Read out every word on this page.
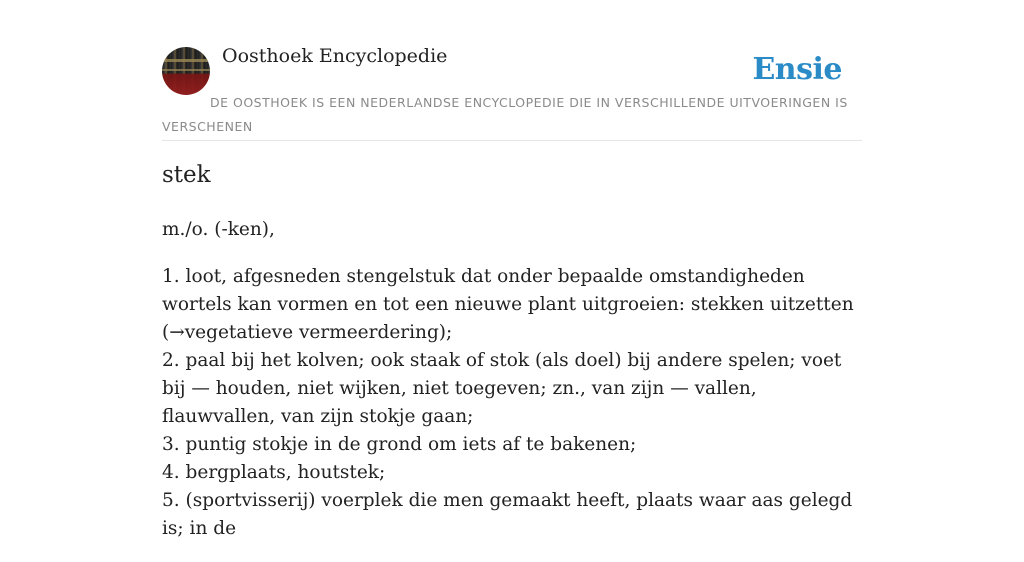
Oosthoek Encyclopedie	Ensie
DE OOSTHOEK IS EEN NEDERLANDSE ENCYCLOPEDIE DIE IN VERSCHILLENDE UITVOERINGEN IS VERSCHENEN
stek

m./o. (-ken),

1. loot, afgesneden stengelstuk dat onder bepaalde omstandigheden wortels kan vormen en tot een nieuwe plant uitgroeien: stekken uitzetten (→vegetatieve vermeerdering);
2. paal bij het kolven; ook staak of stok (als doel) bij andere spelen; voet bij — houden, niet wijken, niet toegeven; zn., van zijn — vallen, flauwvallen, van zijn stokje gaan;
3. puntig stokje in de grond om iets af te bakenen;
4. bergplaats, houtstek;
5. (sportvisserij) voerplek die men gemaakt heeft, plaats waar aas gelegd is; in de
